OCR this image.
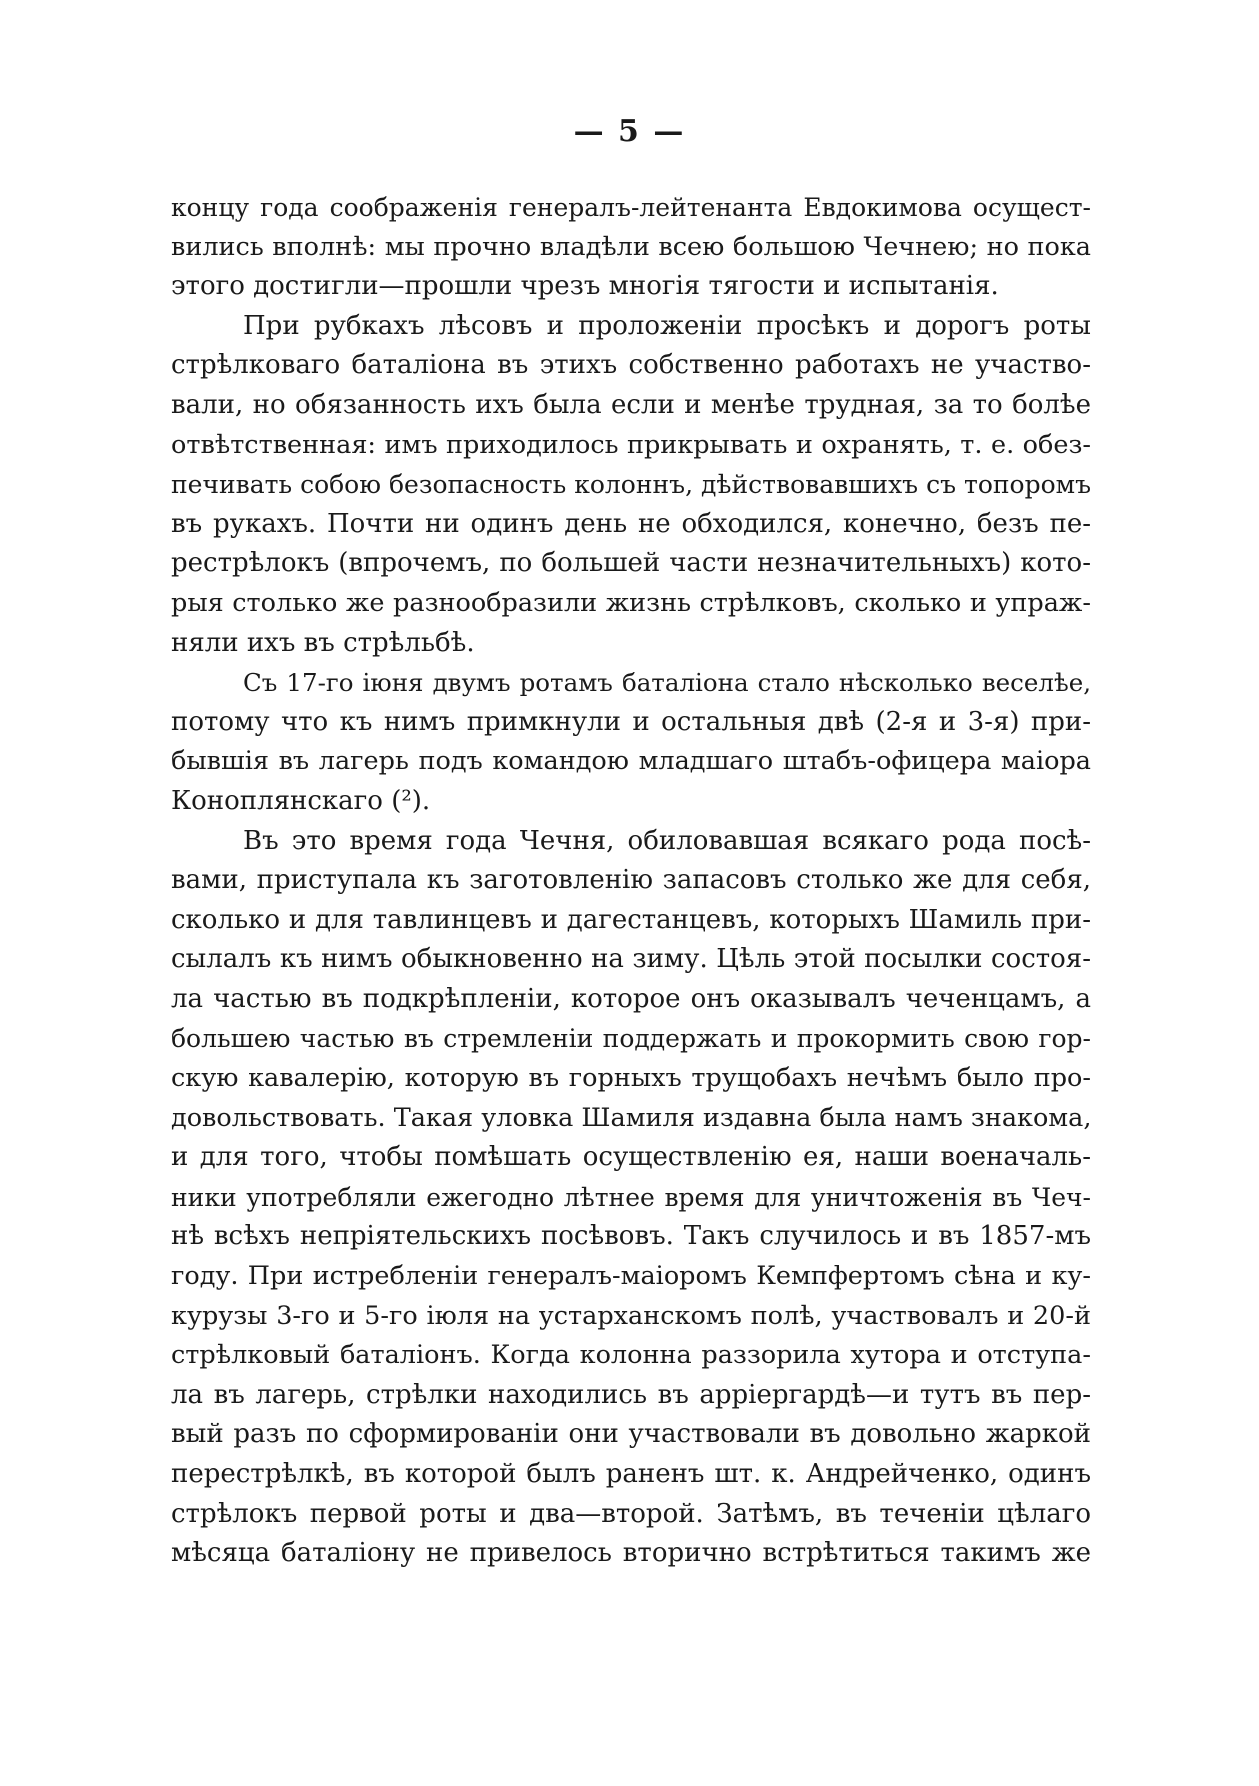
— 5 —
концу года соображенія генералъ-лейтенанта Евдокимова осущест-
вились вполнѣ: мы прочно владѣли всею большою Чечнею; но пока
этого достигли—прошли чрезъ многія тягости и испытанія.
При рубкахъ лѣсовъ и проложеніи просѣкъ и дорогъ роты
стрѣлковаго баталіона въ этихъ собственно работахъ не участво-
вали, но обязанность ихъ была если и менѣе трудная, за то болѣе
отвѣтственная: имъ приходилось прикрывать и охранять, т. е. обез-
печивать собою безопасность колоннъ, дѣйствовавшихъ съ топоромъ
въ рукахъ. Почти ни одинъ день не обходился, конечно, безъ пе-
рестрѣлокъ (впрочемъ, по большей части незначительныхъ) кото-
рыя столько же разнообразили жизнь стрѣлковъ, сколько и упраж-
няли ихъ въ стрѣльбѣ.
Съ 17-го іюня двумъ ротамъ баталіона стало нѣсколько веселѣе,
потому что къ нимъ примкнули и остальныя двѣ (2-я и 3-я) при-
бывшія въ лагерь подъ командою младшаго штабъ-офицера маіора
Коноплянскаго (²).
Въ это время года Чечня, обиловавшая всякаго рода посѣ-
вами, приступала къ заготовленію запасовъ столько же для себя,
сколько и для тавлинцевъ и дагестанцевъ, которыхъ Шамиль при-
сылалъ къ нимъ обыкновенно на зиму. Цѣль этой посылки состоя-
ла частью въ подкрѣпленіи, которое онъ оказывалъ чеченцамъ, а
большею частью въ стремленіи поддержать и прокормить свою гор-
скую кавалерію, которую въ горныхъ трущобахъ нечѣмъ было про-
довольствовать. Такая уловка Шамиля издавна была намъ знакома,
и для того, чтобы помѣшать осуществленію ея, наши военачаль-
ники употребляли ежегодно лѣтнее время для уничтоженія въ Чеч-
нѣ всѣхъ непріятельскихъ посѣвовъ. Такъ случилось и въ 1857-мъ
году. При истребленіи генералъ-маіоромъ Кемпфертомъ сѣна и ку-
курузы 3-го и 5-го іюля на устарханскомъ полѣ, участвовалъ и 20-й
стрѣлковый баталіонъ. Когда колонна раззорила хутора и отступа-
ла въ лагерь, стрѣлки находились въ арріергардѣ—и тутъ въ пер-
вый разъ по сформированіи они участвовали въ довольно жаркой
перестрѣлкѣ, въ которой былъ раненъ шт. к. Андрейченко, одинъ
стрѣлокъ первой роты и два—второй. Затѣмъ, въ теченіи цѣлаго
мѣсяца баталіону не привелось вторично встрѣтиться такимъ же
